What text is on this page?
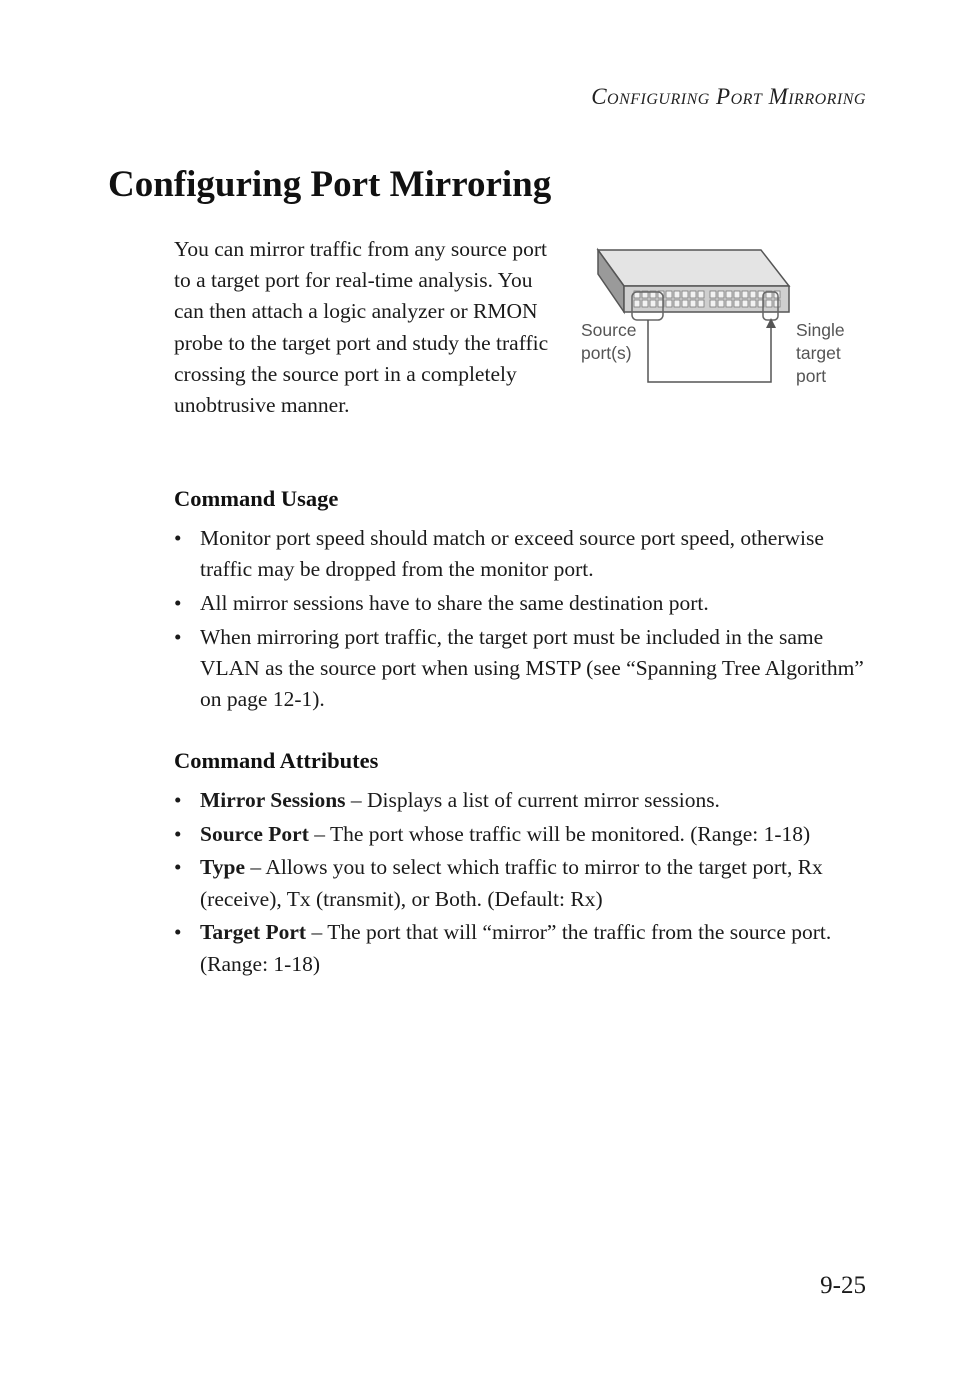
Configuring Port Mirroring
Configuring Port Mirroring

You can mirror traffic from any source port to a target port for real-time analysis. You can then attach a logic analyzer or RMON probe to the target port and study the traffic crossing the source port in a completely unobtrusive manner.

Source
port(s)
Single
target
port
Command Usage
• Monitor port speed should match or exceed source port speed, otherwise traffic may be dropped from the monitor port.
• All mirror sessions have to share the same destination port.
• When mirroring port traffic, the target port must be included in the same VLAN as the source port when using MSTP (see “Spanning Tree Algorithm” on page 12-1).
Command Attributes
• Mirror Sessions – Displays a list of current mirror sessions.
• Source Port – The port whose traffic will be monitored. (Range: 1-18)
• Type – Allows you to select which traffic to mirror to the target port, Rx (receive), Tx (transmit), or Both. (Default: Rx)
• Target Port – The port that will “mirror” the traffic from the source port. (Range: 1-18)
9-25
